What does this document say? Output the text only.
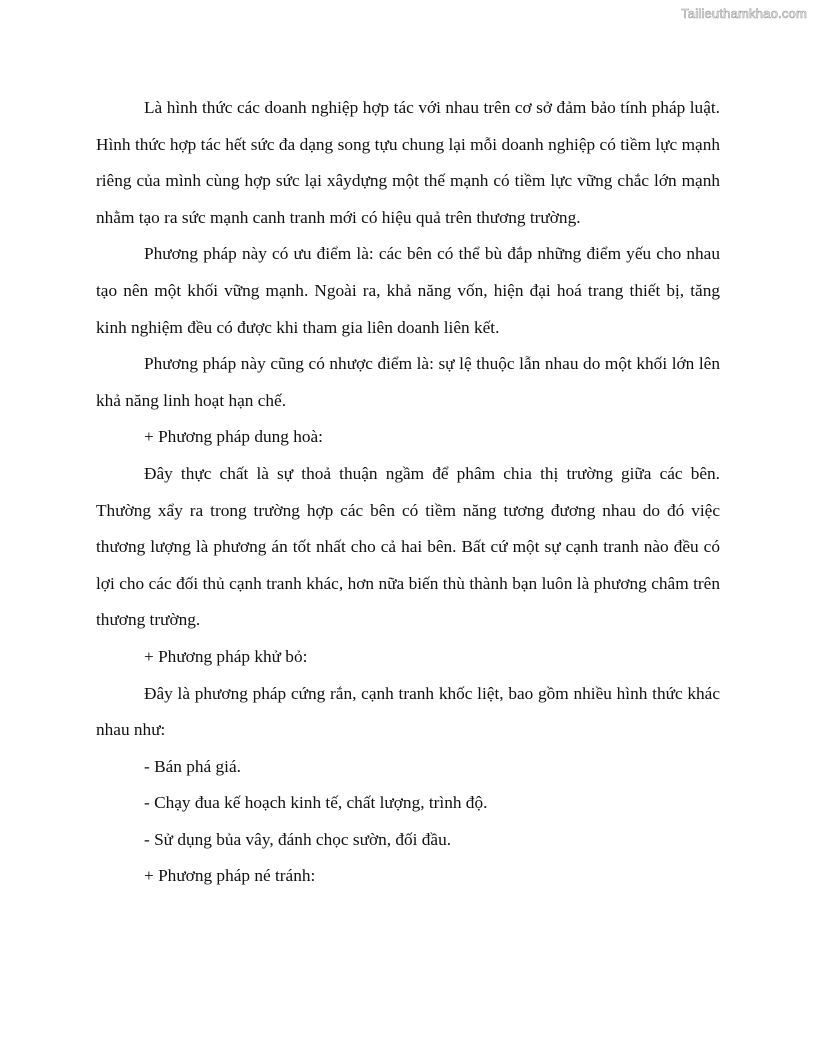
Tailieuthamkhao.com

Là hình thức các doanh nghiệp hợp tác với nhau trên cơ sở đảm bảo tính pháp luật. Hình thức hợp tác hết sức đa dạng song tựu chung lại mỗi doanh nghiệp có tiềm lực mạnh riêng của mình cùng hợp sức lại xâydựng một thế mạnh có tiềm lực vững chắc lớn mạnh nhằm tạo ra sức mạnh canh tranh mới có hiệu quả trên thương trường.

Phương pháp này có ưu điểm là: các bên có thể bù đắp những điểm yếu cho nhau tạo nên một khối vững mạnh. Ngoài ra, khả năng vốn, hiện đại hoá trang thiết bị, tăng kinh nghiệm đều có được khi tham gia liên doanh liên kết.

Phương pháp này cũng có nhược điểm là: sự lệ thuộc lẫn nhau do một khối lớn lên khả năng linh hoạt hạn chế.

+ Phương pháp dung hoà:

Đây thực chất là sự thoả thuận ngầm để phâm chia thị trường giữa các bên. Thường xẩy ra trong trường hợp các bên có tiềm năng tương đương nhau do đó việc thương lượng là phương án tốt nhất cho cả hai bên. Bất cứ một sự cạnh tranh nào đều có lợi cho các đối thủ cạnh tranh khác, hơn nữa biến thù thành bạn luôn là phương châm trên thương trường.

+ Phương pháp khử bỏ:

Đây là phương pháp cứng rắn, cạnh tranh khốc liệt, bao gồm nhiều hình thức khác nhau như:

- Bán phá giá.

- Chạy đua kế hoạch kinh tế, chất lượng, trình độ.

- Sử dụng bủa vây, đánh chọc sườn, đối đầu.

+ Phương pháp né tránh:
